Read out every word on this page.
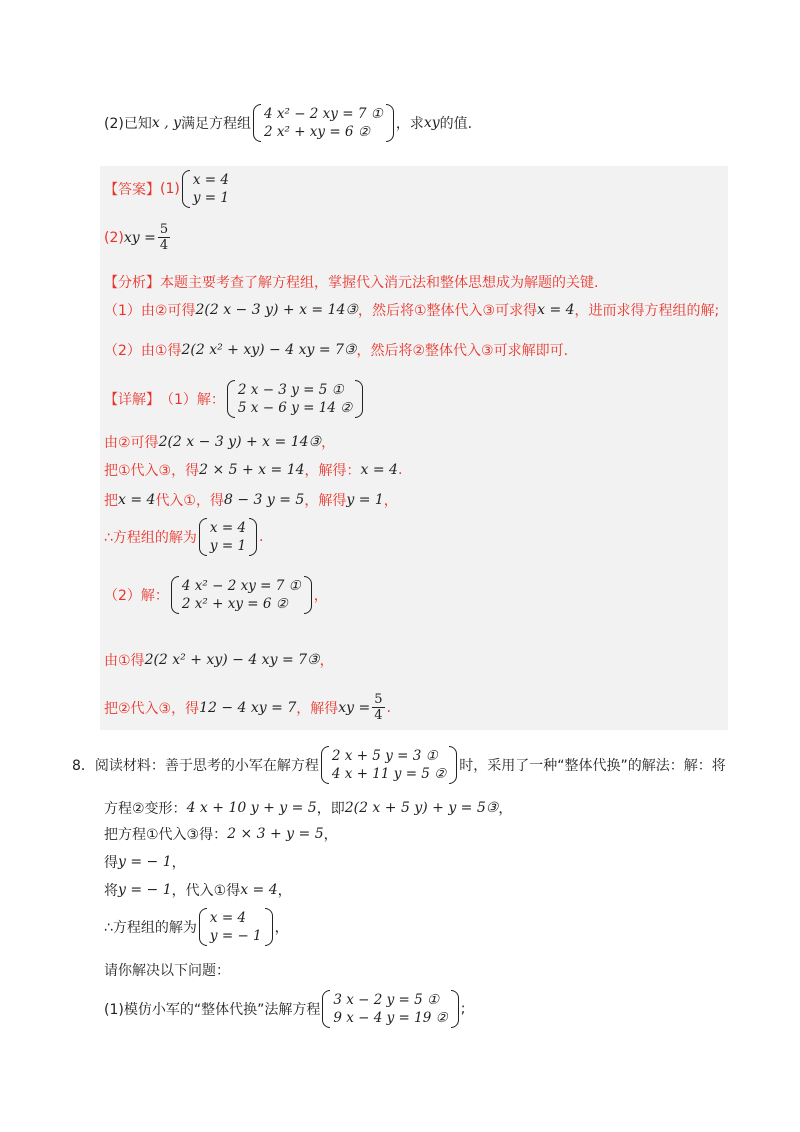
(2)已知 x , y 满足方程组
4 x² − 2 xy = 7 ①
2 x² + xy = 6 ②	，求 xy 的值.
【答案】 (1)
x = 4
y = 1
(2) xy = $\frac{5}{4}$
【分析】 本题主要考查了解方程组，掌握代入消元法和整体思想成为解题的关键.
（1）由②可得 2(2 x − 3 y) + x = 14③ ，然后将①整体代入③可求得 x = 4 ，进而求得方程组的解;
（2）由①得 2(2 x² + xy) − 4 xy = 7③ ，然后将②整体代入③可求解即可.
【详解】 （1）解：
2 x − 3 y = 5 ①
5 x − 6 y = 14 ②
由②可得 2(2 x − 3 y) + x = 14③ ，
把①代入③，得 2 × 5 + x = 14 ，解得： x = 4 .
把 x = 4 代入①，得 8 − 3 y = 5 ，解得 y = 1 ，
∴方程组的解为
x = 4
y = 1
.
（2）解：
4 x² − 2 xy = 7 ①
2 x² + xy = 6 ②	，
由①得 2(2 x² + xy) − 4 xy = 7③ ，
把②代入③，得 12 − 4 xy = 7 ，解得 xy = $\frac{5}{4}$ .
8． 阅读材料：善于思考的小军在解方程
2 x + 5 y = 3 ①
4 x + 11 y = 5 ② 时，采用了一种“整体代换”的解法：解：将
方程②变形： 4 x + 10 y + y = 5 ，即 2(2 x + 5 y) + y = 5③ ，
把方程①代入③得： 2 × 3 + y = 5 ，
得 y = − 1 ，
将 y = − 1 ，代入①得 x = 4 ，
∴方程组的解为
x = 4
y = − 1 ，
请你解决以下问题：
(1)模仿小军的“整体代换”法解方程
3 x − 2 y = 5 ①
9 x − 4 y = 19 ②
;
